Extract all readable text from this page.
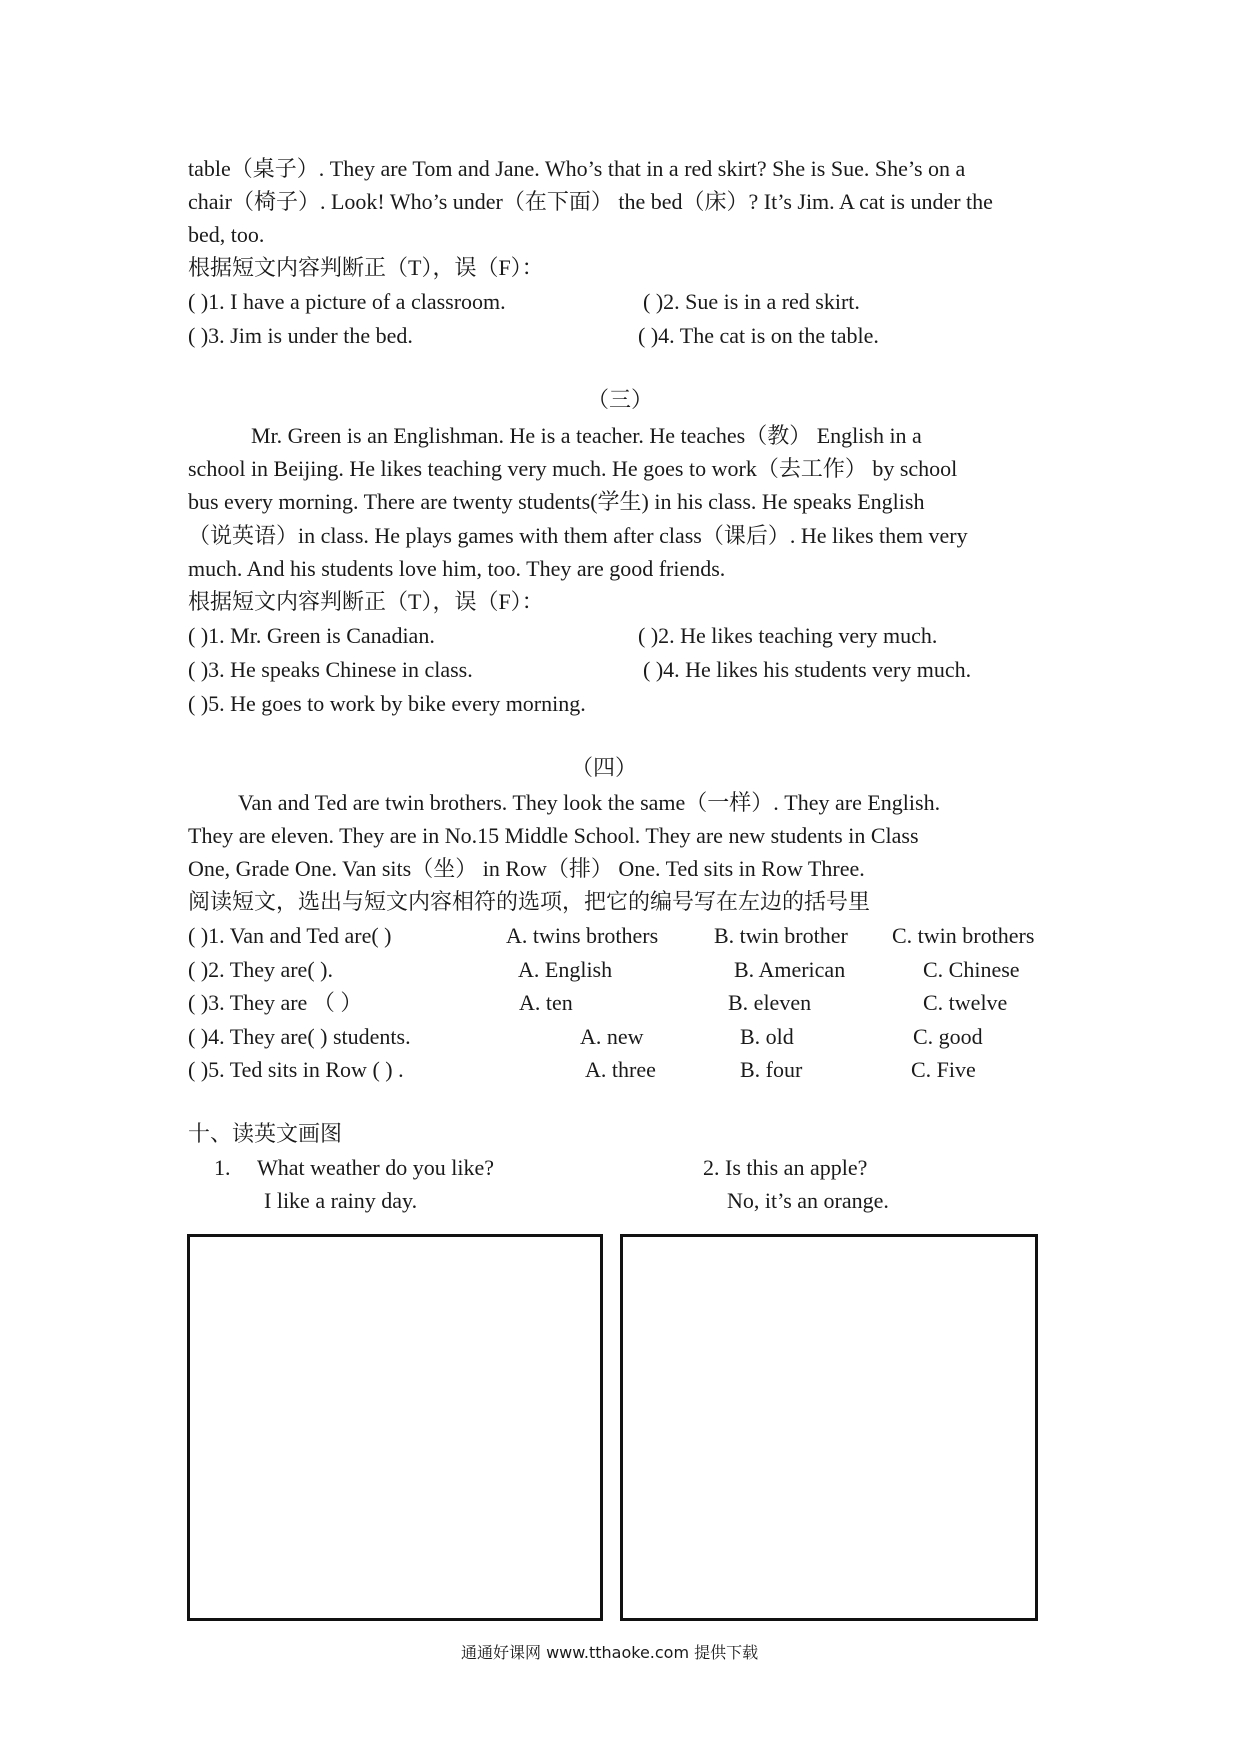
table（桌子）. They are Tom and Jane. Who’s that in a red skirt? She is Sue. She’s on a
chair（椅子）. Look! Who’s under（在下面） the bed（床）? It’s Jim. A cat is under the
bed, too.
根据短文内容判断正（T），误（F）：
( )1. I have a picture of a classroom.	( )2. Sue is in a red skirt.
( )3. Jim is under the bed.	( )4. The cat is on the table.
（三）
Mr. Green is an Englishman. He is a teacher. He teaches（教） English in a
school in Beijing. He likes teaching very much. He goes to work（去工作） by school
bus every morning. There are twenty students(学生) in his class. He speaks English
（说英语）in class. He plays games with them after class（课后）. He likes them very
much. And his students love him, too. They are good friends.
根据短文内容判断正（T），误（F）：
( )1. Mr. Green is Canadian.	( )2. He likes teaching very much.
( )3. He speaks Chinese in class.	( )4. He likes his students very much.
( )5. He goes to work by bike every morning.
（四）
Van and Ted are twin brothers. They look the same（一样）. They are English.
They are eleven. They are in No.15 Middle School. They are new students in Class
One, Grade One. Van sits（坐） in Row（排） One. Ted sits in Row Three.
阅读短文，选出与短文内容相符的选项，把它的编号写在左边的括号里
( )1. Van and Ted are( )	A. twins brothers	B. twin brother C. twin brothers
( )2. They are( ).	A. English	B. American	C. Chinese
( )3. They are （ ）	A. ten	B. eleven	C. twelve
( )4. They are( ) students.	A. new	B. old	C. good
( )5. Ted sits in Row ( ) .	A. three	B. four	C. Five
十、读英文画图
1. What weather do you like?
I like a rainy day.
2. Is this an apple?
No, it’s an orange.
通通好课网 www.tthaoke.com 提供下载
